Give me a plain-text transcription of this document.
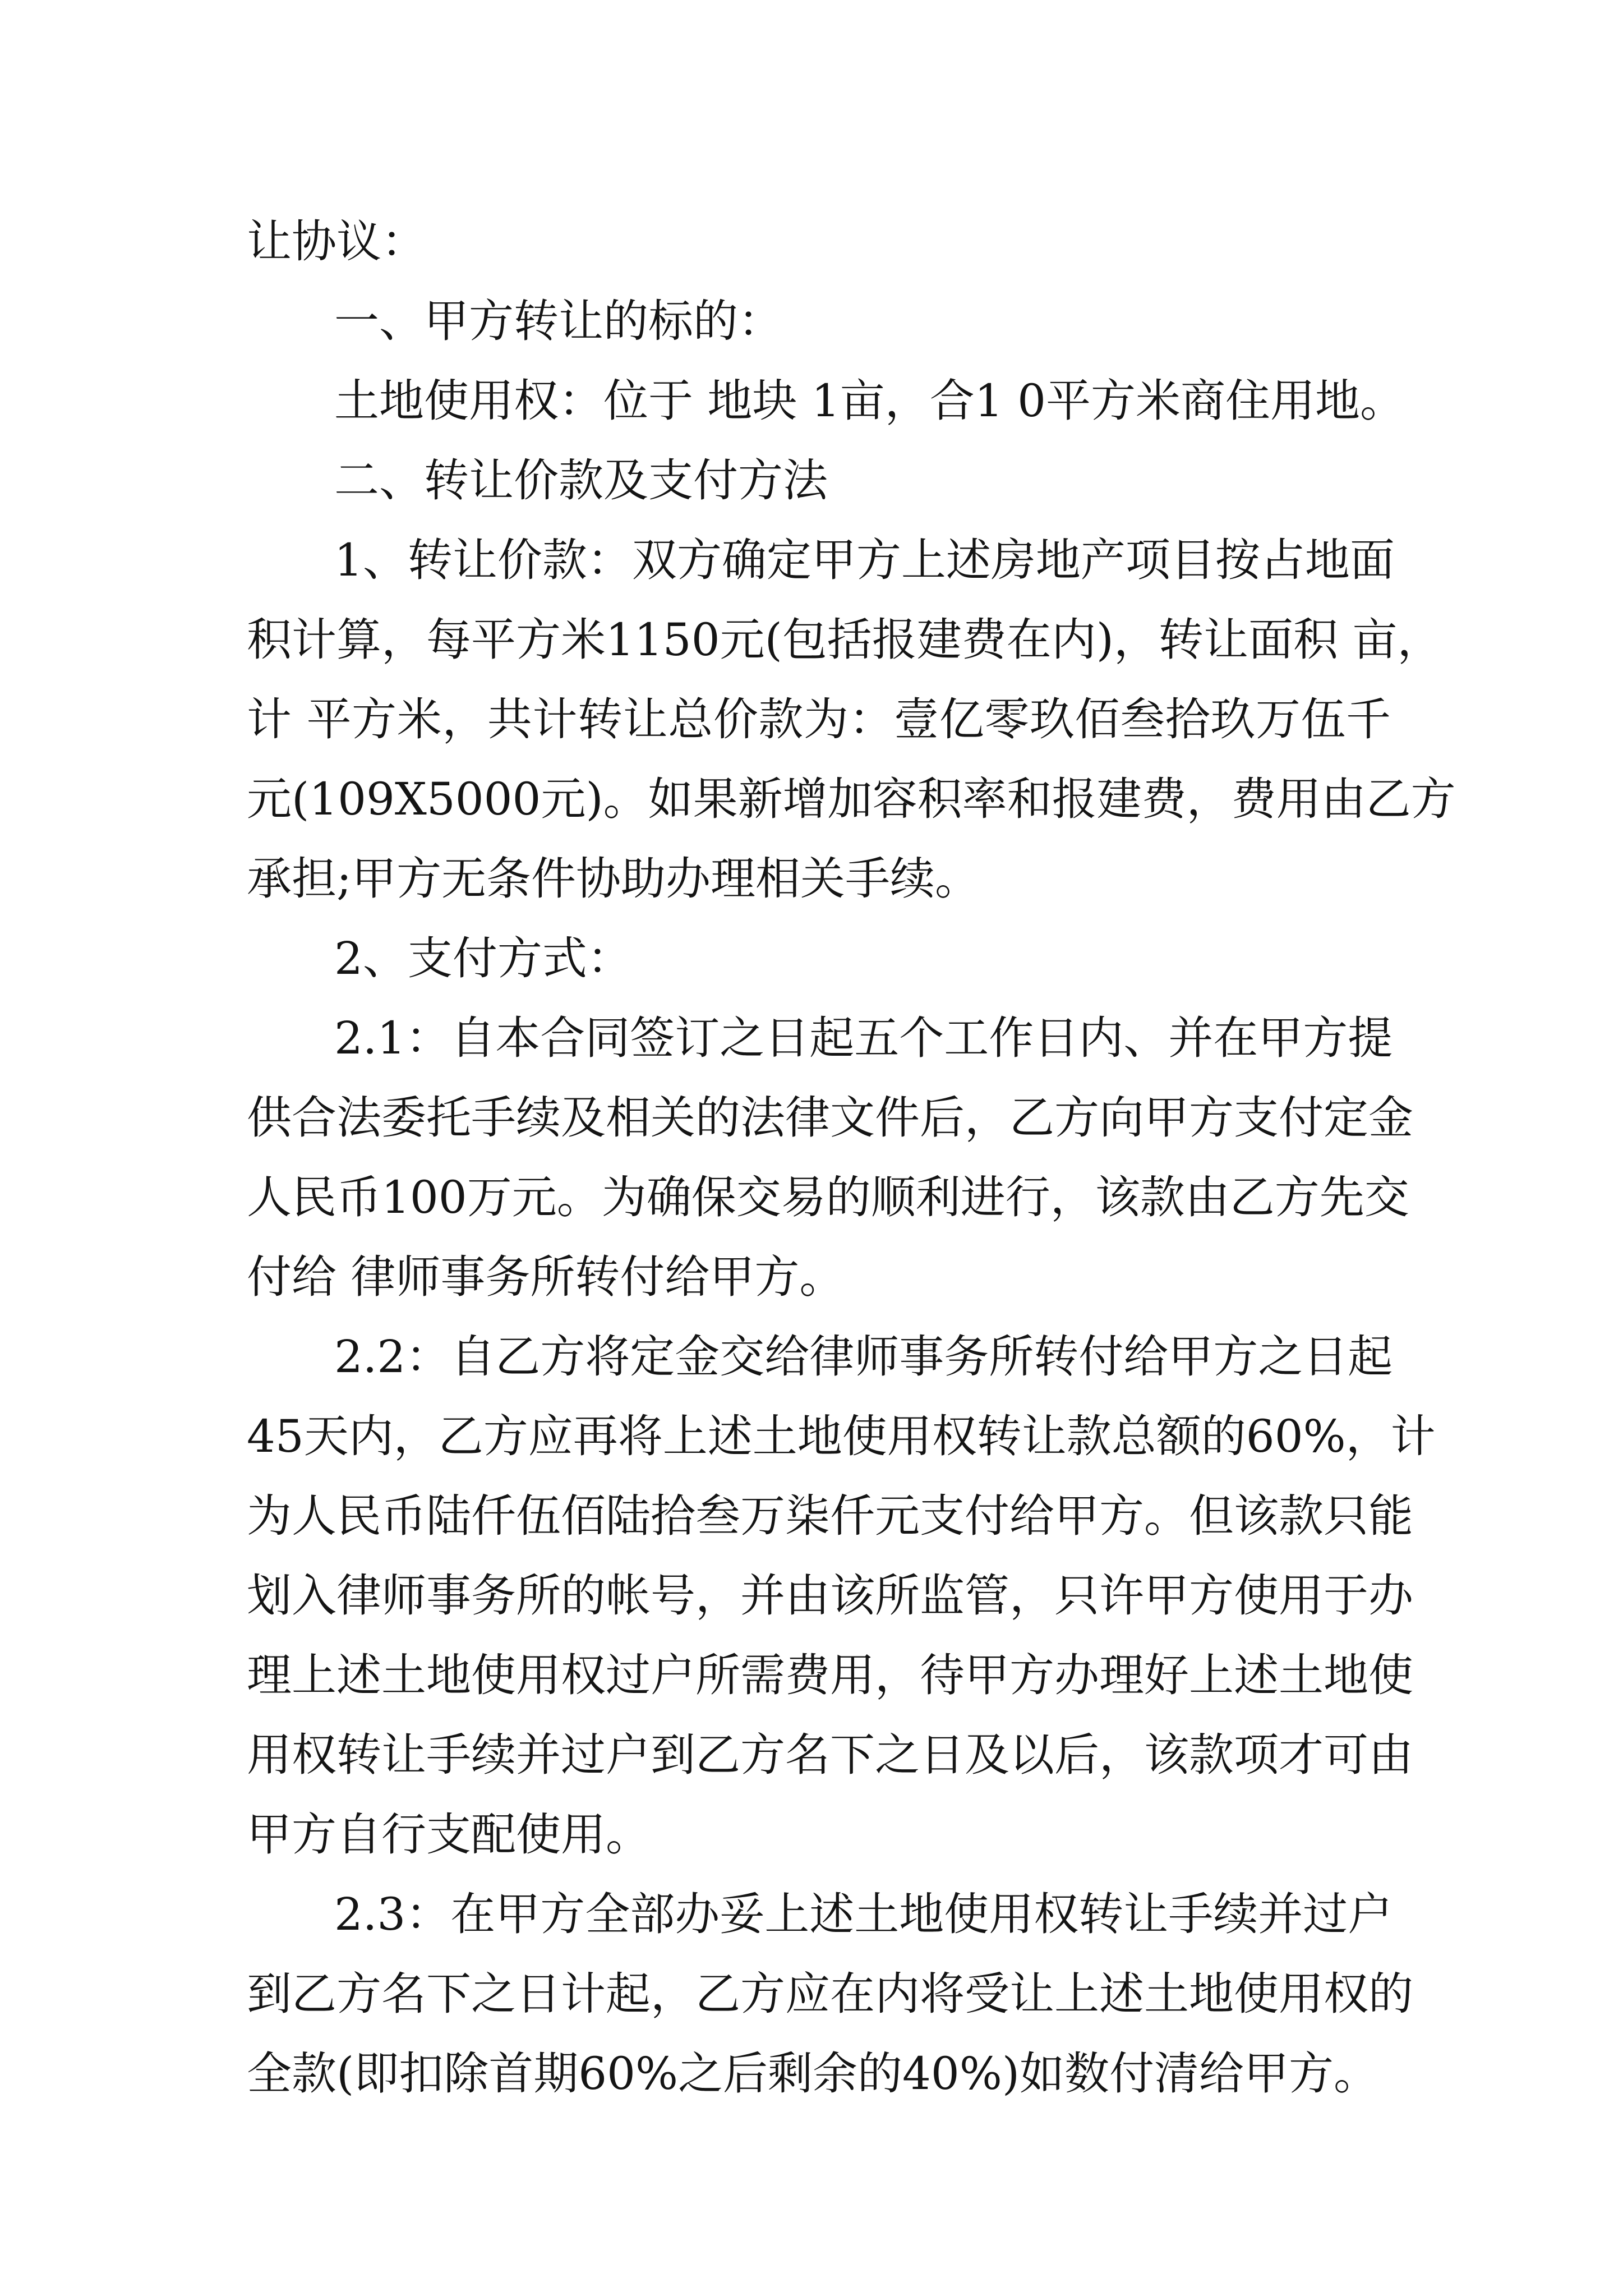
让协议：
一、甲方转让的标的：
土地使用权：位于 地块 1亩，合1 0平方米商住用地。
二、转让价款及支付方法
1、转让价款：双方确定甲方上述房地产项目按占地面
积计算，每平方米1150元(包括报建费在内)，转让面积 亩，
计 平方米，共计转让总价款为：壹亿零玖佰叁拾玖万伍千
元(109X5000元)。如果新增加容积率和报建费，费用由乙方
承担;甲方无条件协助办理相关手续。
2、支付方式：
2.1：自本合同签订之日起五个工作日内、并在甲方提
供合法委托手续及相关的法律文件后，乙方向甲方支付定金
人民币100万元。为确保交易的顺利进行，该款由乙方先交
付给 律师事务所转付给甲方。
2.2：自乙方将定金交给律师事务所转付给甲方之日起
45天内，乙方应再将上述土地使用权转让款总额的60%，计
为人民币陆仟伍佰陆拾叁万柒仟元支付给甲方。但该款只能
划入律师事务所的帐号，并由该所监管，只许甲方使用于办
理上述土地使用权过户所需费用，待甲方办理好上述土地使
用权转让手续并过户到乙方名下之日及以后，该款项才可由
甲方自行支配使用。
2.3：在甲方全部办妥上述土地使用权转让手续并过户
到乙方名下之日计起，乙方应在内将受让上述土地使用权的
全款(即扣除首期60%之后剩余的40%)如数付清给甲方。
